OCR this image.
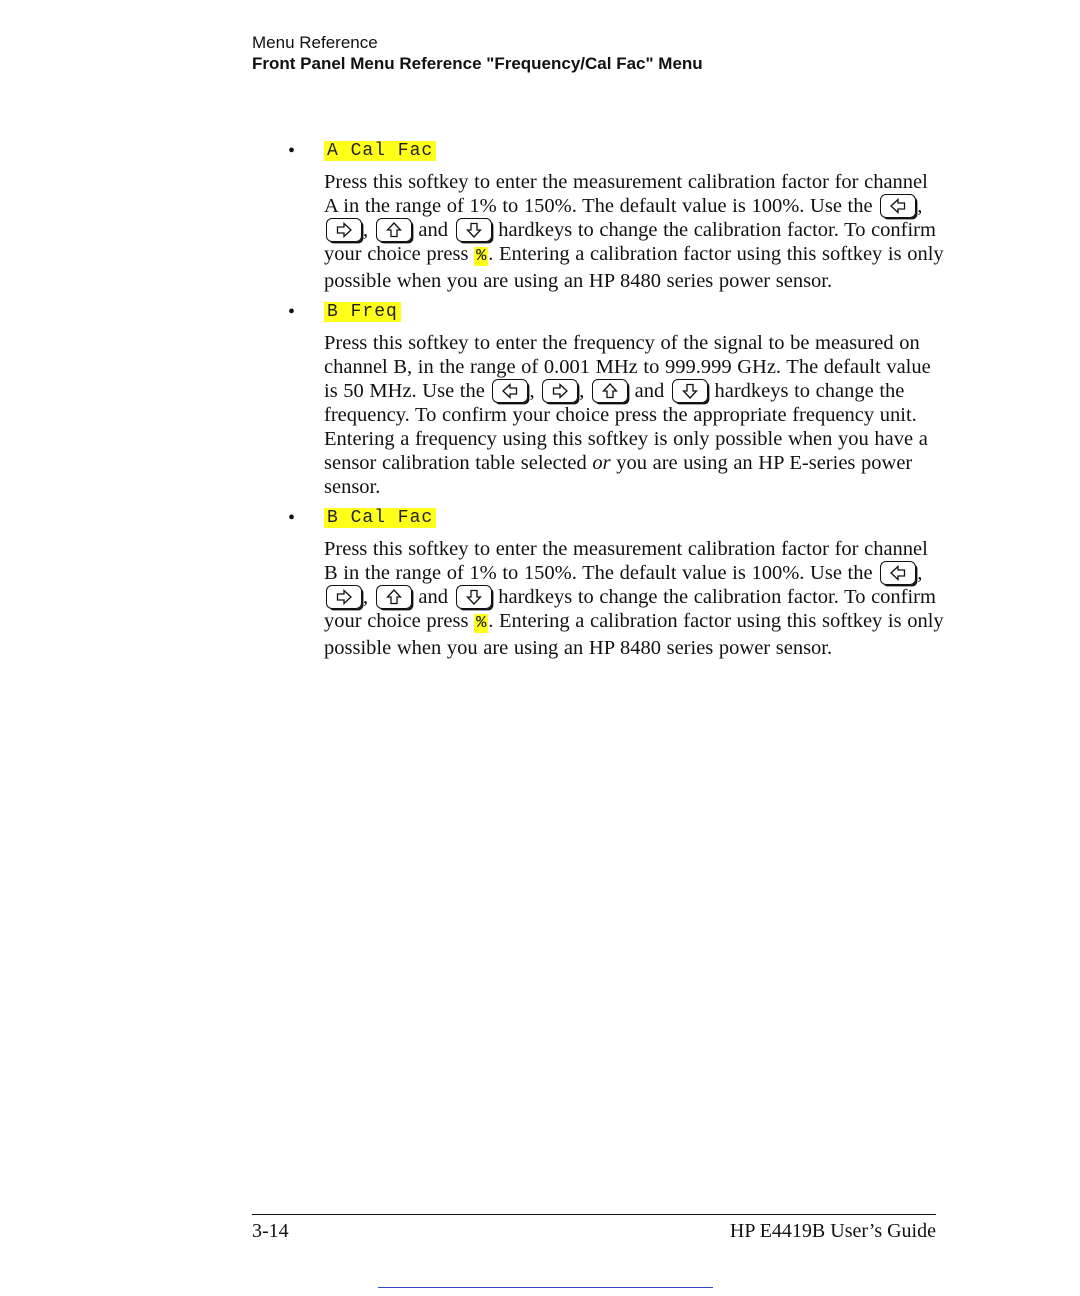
Menu Reference
Front Panel Menu Reference "Frequency/Cal Fac" Menu
•	A Cal Fac
Press this softkey to enter the measurement calibration factor for channel A in the range of 1% to 150%. The default value is 100%. Use the
,
,
and
hardkeys to change the calibration factor. To confirm your choice press %. Entering a calibration factor using this softkey is only possible when you are using an HP 8480 series power sensor.
•	B Freq
Press this softkey to enter the frequency of the signal to be measured on channel B, in the range of 0.001 MHz to 999.999 GHz. The default value is 50 MHz. Use the
,
,
and
hardkeys to change the frequency. To confirm your choice press the appropriate frequency unit. Entering a frequency using this softkey is only possible when you have a sensor calibration table selected or you are using an HP E-series power sensor.
•	B Cal Fac
Press this softkey to enter the measurement calibration factor for channel B in the range of 1% to 150%. The default value is 100%. Use the
,
,
and
hardkeys to change the calibration factor. To confirm your choice press %. Entering a calibration factor using this softkey is only possible when you are using an HP 8480 series power sensor.
3-14	HP E4419B User’s Guide
